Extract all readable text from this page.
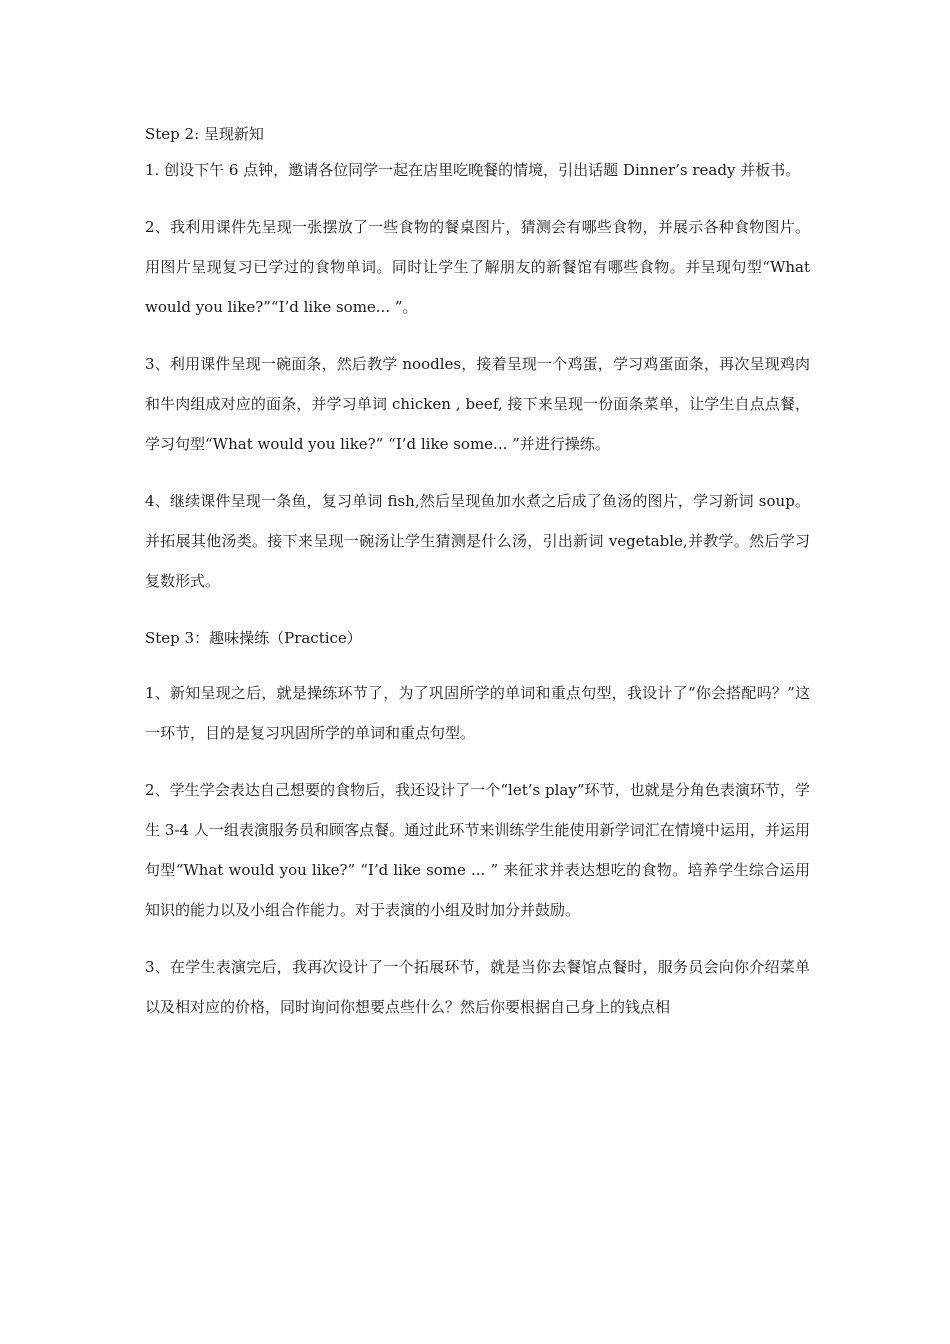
Step 2: 呈现新知
1. 创设下午 6 点钟，邀请各位同学一起在店里吃晚餐的情境，引出话题 Dinner’s ready 并板书。
2、我利用课件先呈现一张摆放了一些食物的餐桌图片，猜测会有哪些食物，并展示各种食物图片。用图片呈现复习已学过的食物单词。同时让学生了解朋友的新餐馆有哪些食物。并呈现句型“What would you like?”“I’d like some... ”。
3、利用课件呈现一碗面条，然后教学 noodles，接着呈现一个鸡蛋，学习鸡蛋面条，再次呈现鸡肉和牛肉组成对应的面条，并学习单词 chicken , beef, 接下来呈现一份面条菜单，让学生自点点餐，学习句型“What would you like?” “I’d like some... ”并进行操练。
4、继续课件呈现一条鱼，复习单词 fish,然后呈现鱼加水煮之后成了鱼汤的图片，学习新词 soup。并拓展其他汤类。接下来呈现一碗汤让学生猜测是什么汤，引出新词 vegetable,并教学。然后学习复数形式。
Step 3：趣味操练（Practice）
1、新知呈现之后，就是操练环节了，为了巩固所学的单词和重点句型，我设计了“你会搭配吗？”这一环节，目的是复习巩固所学的单词和重点句型。
2、学生学会表达自己想要的食物后，我还设计了一个“let’s play”环节，也就是分角色表演环节，学生 3-4 人一组表演服务员和顾客点餐。通过此环节来训练学生能使用新学词汇在情境中运用，并运用句型“What would you like?” “I’d like some ... ” 来征求并表达想吃的食物。培养学生综合运用知识的能力以及小组合作能力。对于表演的小组及时加分并鼓励。
3、在学生表演完后，我再次设计了一个拓展环节，就是当你去餐馆点餐时，服务员会向你介绍菜单以及相对应的价格，同时询问你想要点些什么？然后你要根据自己身上的钱点相
